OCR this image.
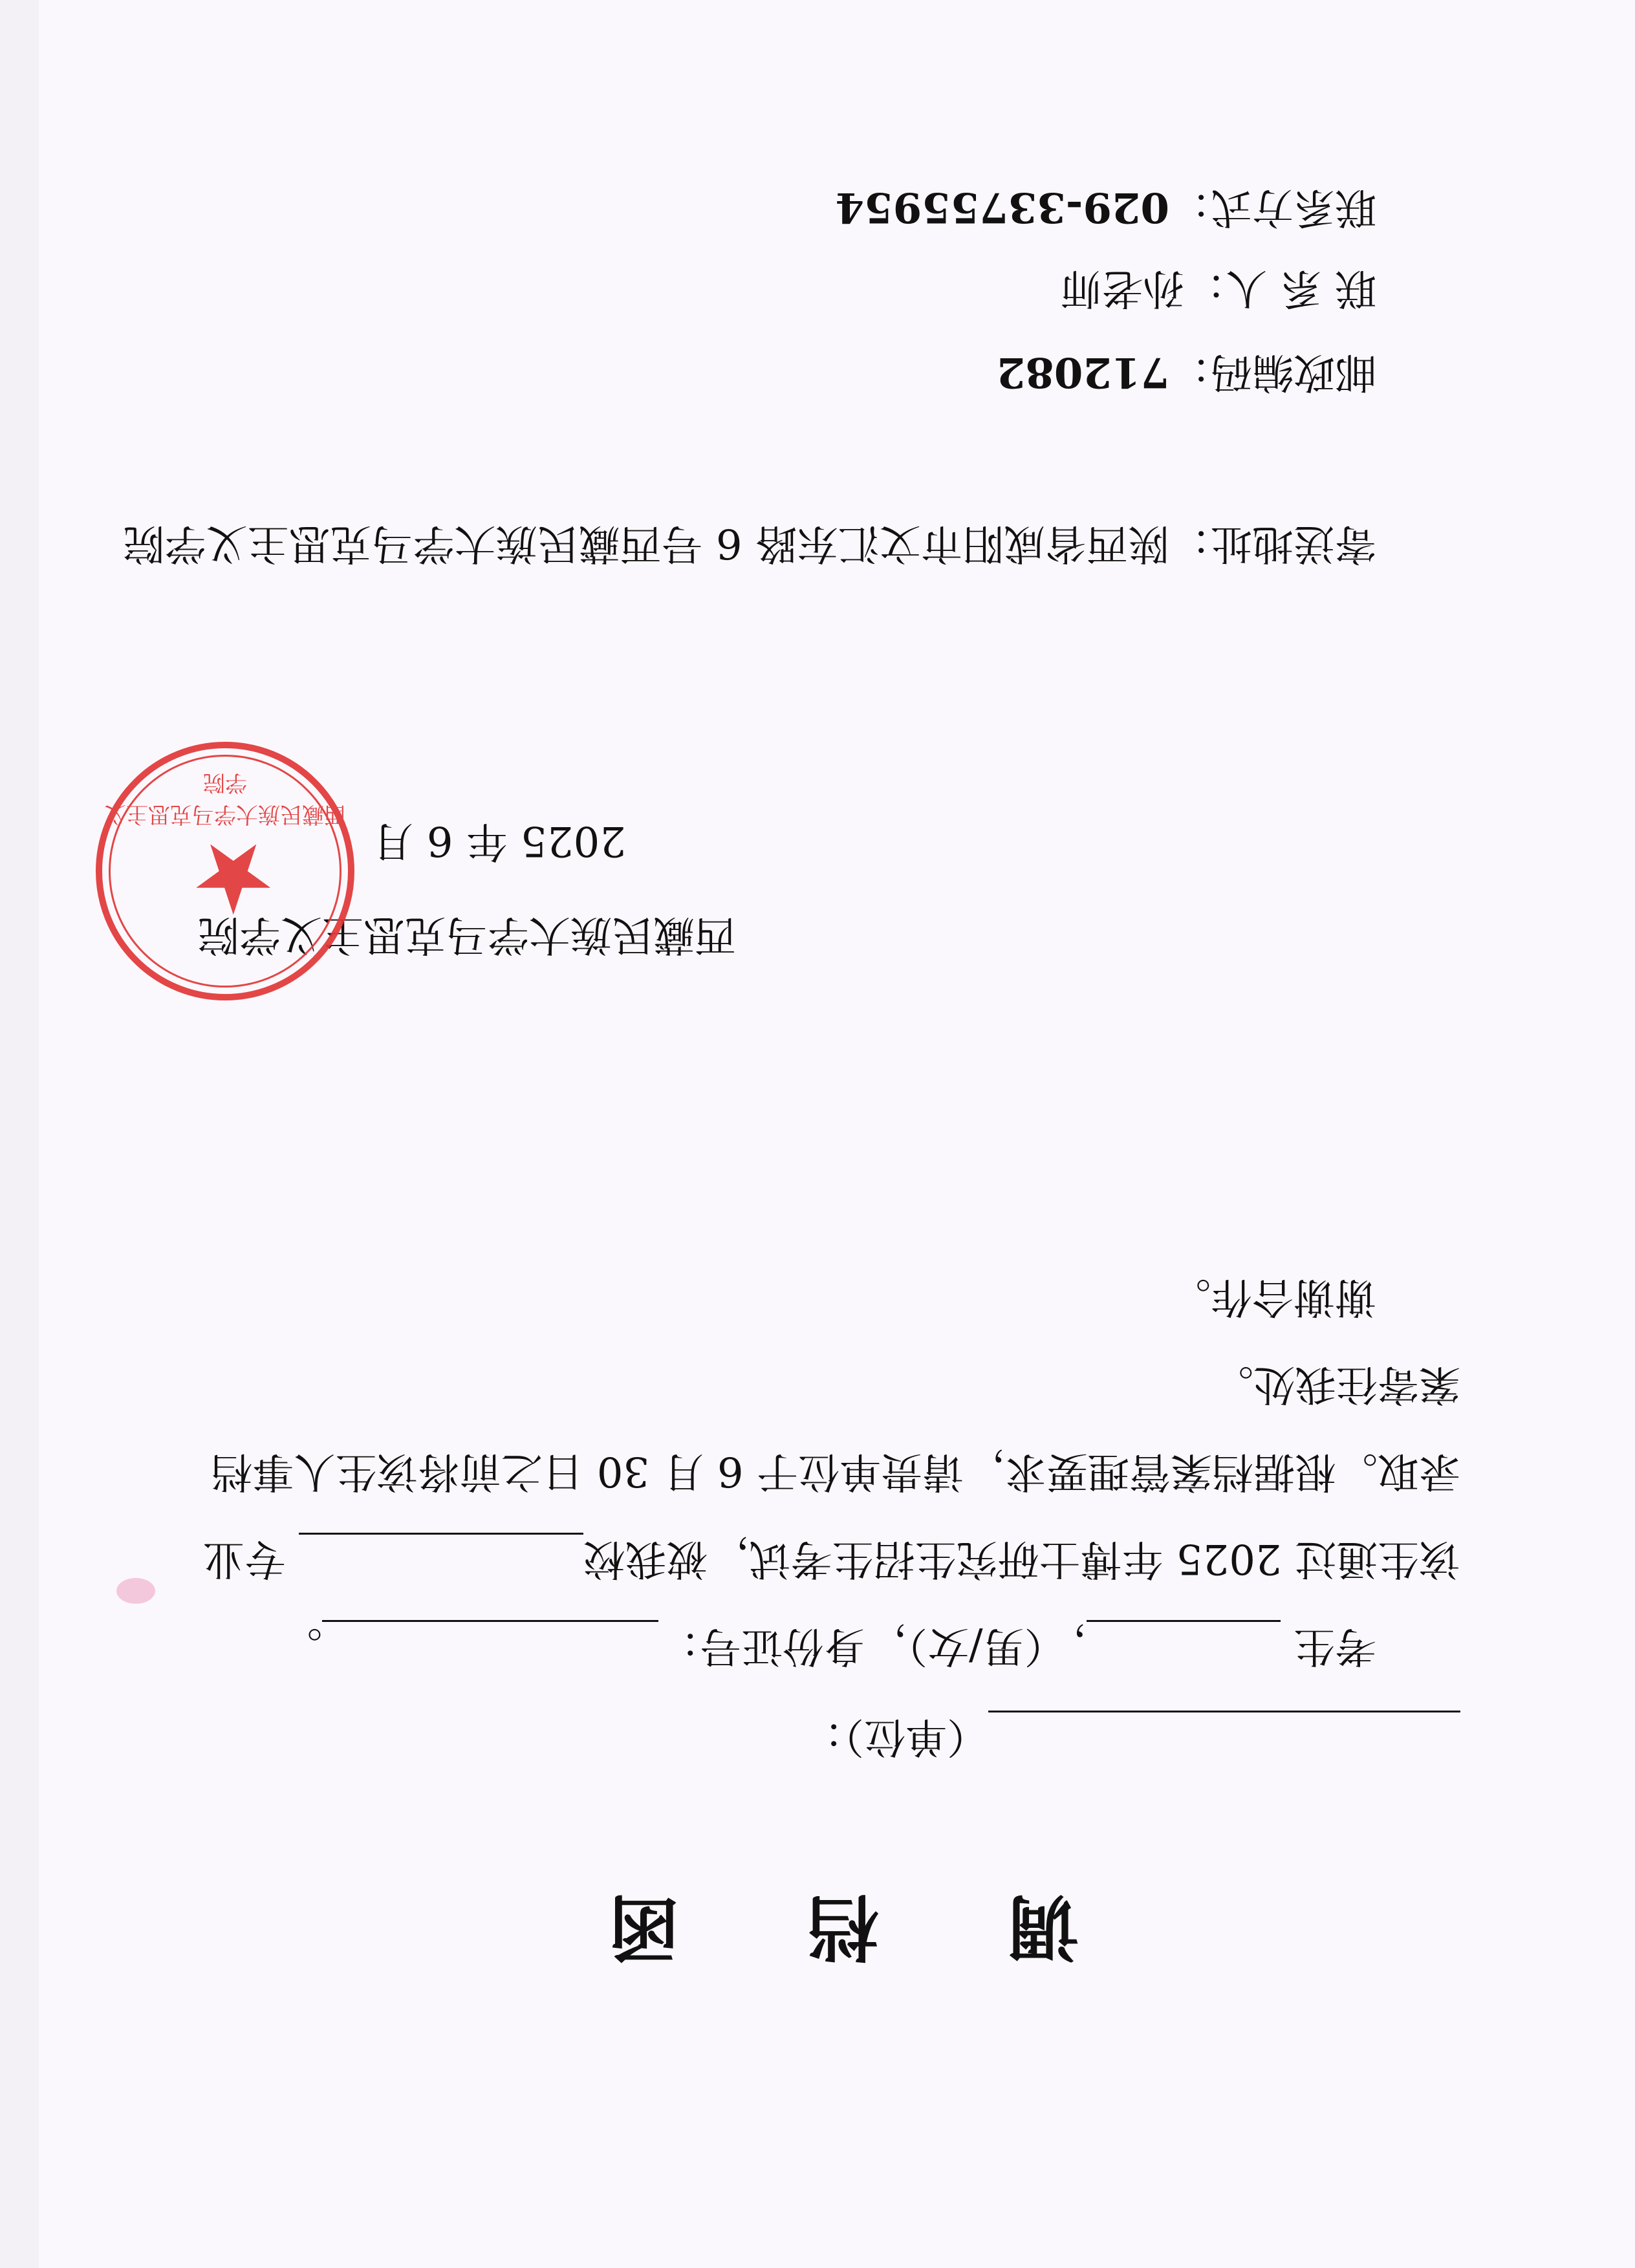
调 档 函
（单位）：
考生 ，（男/女），身份证号：。
该生通过 2025 年博士研究生招生考试，被我校 专业
录取。根据档案管理要求，请贵单位于 6 月 30 日之前将该生人事档
案寄往我处。
谢谢合作。
西藏民族大学马克思主义学院
2025 年 6 月
★
西藏民族大学马克思主义学院
寄送地址：陕西省咸阳市文汇东路 6 号西藏民族大学马克思主义学院
邮政编码：712082
联 系 人：孙老师
联系方式：029-33755954
